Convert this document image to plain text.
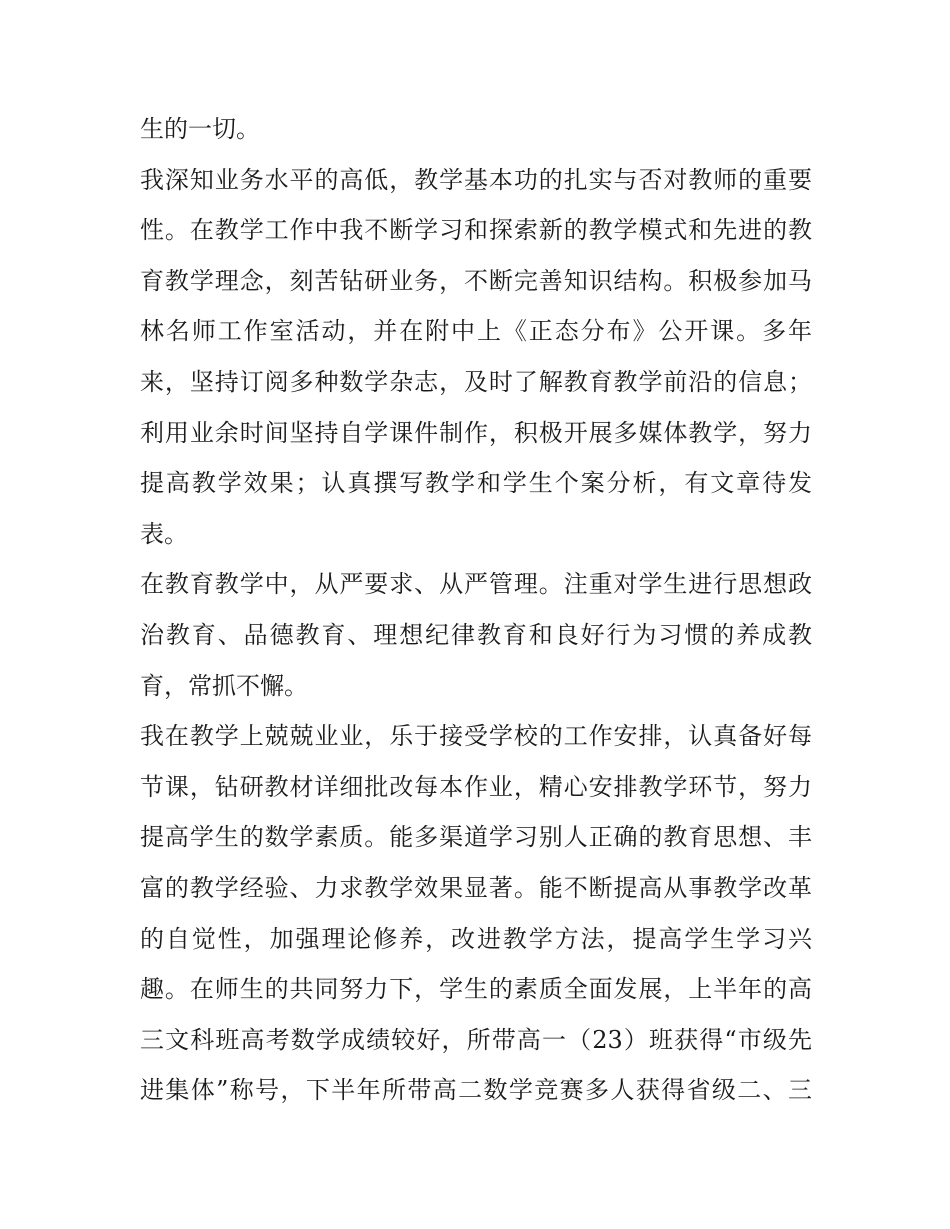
生的一切。
我深知业务水平的高低，教学基本功的扎实与否对教师的重要
性。在教学工作中我不断学习和探索新的教学模式和先进的教
育教学理念，刻苦钻研业务，不断完善知识结构。积极参加马
林名师工作室活动，并在附中上《正态分布》公开课。多年
来，坚持订阅多种数学杂志，及时了解教育教学前沿的信息；
利用业余时间坚持自学课件制作，积极开展多媒体教学，努力
提高教学效果；认真撰写教学和学生个案分析，有文章待发
表。
在教育教学中，从严要求、从严管理。注重对学生进行思想政
治教育、品德教育、理想纪律教育和良好行为习惯的养成教
育，常抓不懈。
我在教学上兢兢业业，乐于接受学校的工作安排，认真备好每
节课，钻研教材详细批改每本作业，精心安排教学环节，努力
提高学生的数学素质。能多渠道学习别人正确的教育思想、丰
富的教学经验、力求教学效果显著。能不断提高从事教学改革
的自觉性，加强理论修养，改进教学方法，提高学生学习兴
趣。在师生的共同努力下，学生的素质全面发展，上半年的高
三文科班高考数学成绩较好，所带高一（23）班获得“市级先
进集体”称号，下半年所带高二数学竞赛多人获得省级二、三
